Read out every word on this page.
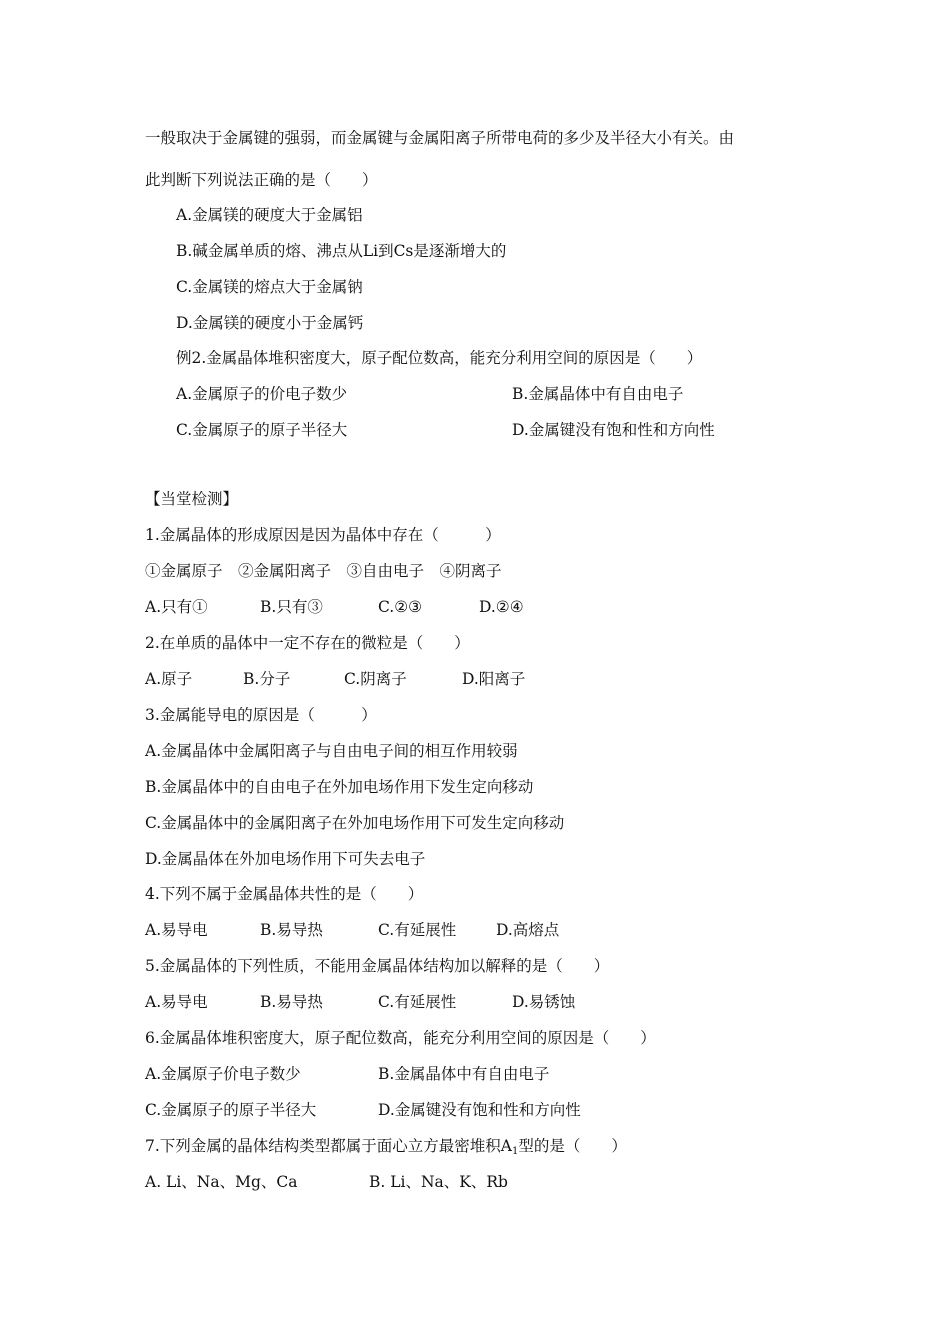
一般取决于金属键的强弱，而金属键与金属阳离子所带电荷的多少及半径大小有关。由
此判断下列说法正确的是（　　）
A.金属镁的硬度大于金属铝
B.碱金属单质的熔、沸点从Li到Cs是逐渐增大的
C.金属镁的熔点大于金属钠
D.金属镁的硬度小于金属钙
例2.金属晶体堆积密度大，原子配位数高，能充分利用空间的原因是（　　）
A.金属原子的价电子数少	B.金属晶体中有自由电子
C.金属原子的原子半径大	D.金属键没有饱和性和方向性
【当堂检测】
1.金属晶体的形成原因是因为晶体中存在（　　　）
①金属原子　②金属阳离子　③自由电子　④阴离子
A.只有①	B.只有③	C.②③	D.②④
2.在单质的晶体中一定不存在的微粒是（　　）
A.原子	B.分子	C.阴离子	D.阳离子
3.金属能导电的原因是（　　　）
A.金属晶体中金属阳离子与自由电子间的相互作用较弱
B.金属晶体中的自由电子在外加电场作用下发生定向移动
C.金属晶体中的金属阳离子在外加电场作用下可发生定向移动
D.金属晶体在外加电场作用下可失去电子
4.下列不属于金属晶体共性的是（　　）
A.易导电	B.易导热	C.有延展性	D.高熔点
5.金属晶体的下列性质，不能用金属晶体结构加以解释的是（　　）
A.易导电	B.易导热	C.有延展性	D.易锈蚀
6.金属晶体堆积密度大，原子配位数高，能充分利用空间的原因是（　　）
A.金属原子价电子数少	B.金属晶体中有自由电子
C.金属原子的原子半径大	D.金属键没有饱和性和方向性
7.下列金属的晶体结构类型都属于面心立方最密堆积$A_1$型的是（　　）
A. Li、Na、Mg、Ca	B. Li、Na、K、Rb
